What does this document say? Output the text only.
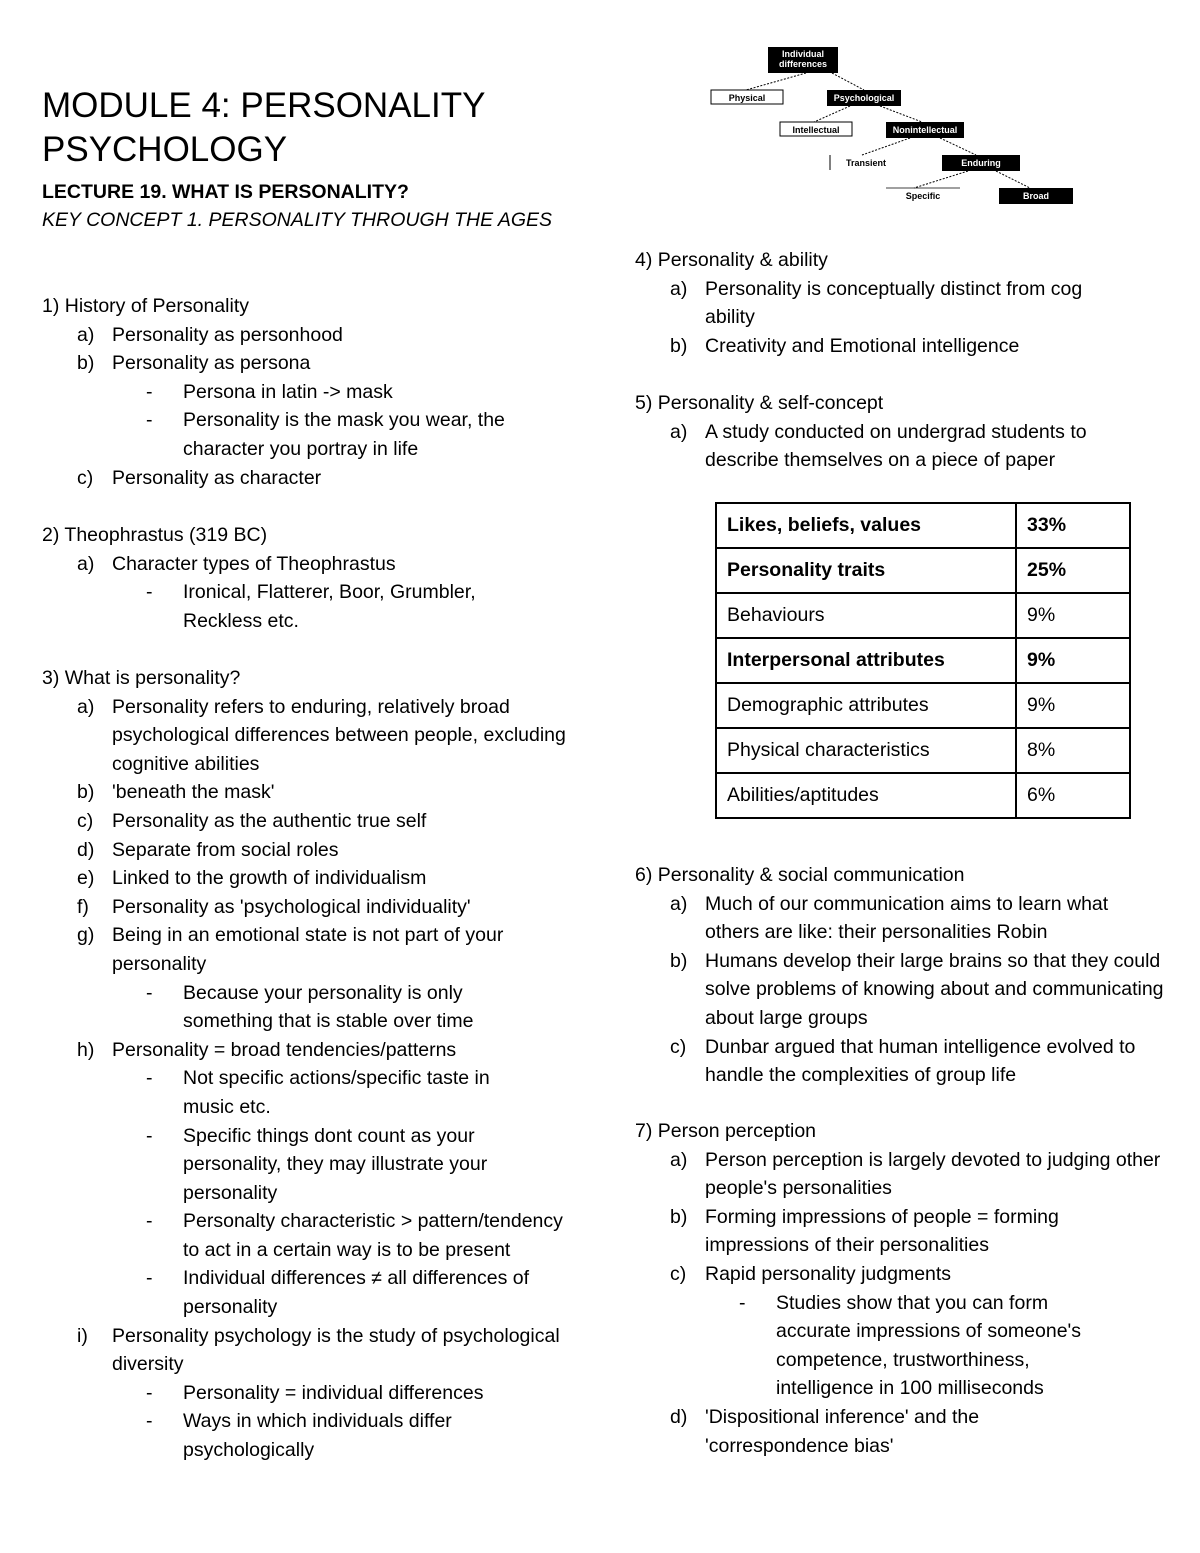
MODULE 4: PERSONALITY PSYCHOLOGY
LECTURE 19. WHAT IS PERSONALITY?
KEY CONCEPT 1. PERSONALITY THROUGH THE AGES
1) History of Personality
a) Personality as personhood
b) Personality as persona
-	Persona in latin -> mask
-	Personality is the mask you wear, the character you portray in life
c) Personality as character
2) Theophrastus (319 BC)
a) Character types of Theophrastus
-	Ironical, Flatterer, Boor, Grumbler, Reckless etc.
3) What is personality?
a) Personality refers to enduring, relatively broad psychological differences between people, excluding cognitive abilities
b) 'beneath the mask'
c) Personality as the authentic true self
d) Separate from social roles
e) Linked to the growth of individualism
f)	Personality as 'psychological individuality'
g) Being in an emotional state is not part of your personality
-	Because your personality is only something that is stable over time
h) Personality = broad tendencies/patterns
-	Not specific actions/specific taste in music etc.
-	Specific things dont count as your personality, they may illustrate your personality
-	Personalty characteristic > pattern/tendency to act in a certain way is to be present
-	Individual differences ≠ all differences of personality
i)	Personality psychology is the study of psychological diversity
-	Personality = individual differences
-	Ways in which individuals differ psychologically
Individual differences
Physical	Psychological
Intellectual	Nonintellectual
Transient	Enduring
Specific	Broad
4) Personality & ability
a) Personality is conceptually distinct from cog ability
b) Creativity and Emotional intelligence
5) Personality & self-concept
a) A study conducted on undergrad students to describe themselves on a piece of paper
Likes, beliefs, values	33%
Personality traits	25%
Behaviours	9%
Interpersonal attributes	9%
Demographic attributes	9%
Physical characteristics	8%
Abilities/aptitudes	6%
6) Personality & social communication
a) Much of our communication aims to learn what others are like: their personalities Robin
b) Humans develop their large brains so that they could solve problems of knowing about and communicating about large groups
c) Dunbar argued that human intelligence evolved to handle the complexities of group life
7) Person perception
a) Person perception is largely devoted to judging other people's personalities
b) Forming impressions of people = forming impressions of their personalities
c) Rapid personality judgments
-	Studies show that you can form accurate impressions of someone's competence, trustworthiness, intelligence in 100 milliseconds
d) 'Dispositional inference' and the 'correspondence bias'
